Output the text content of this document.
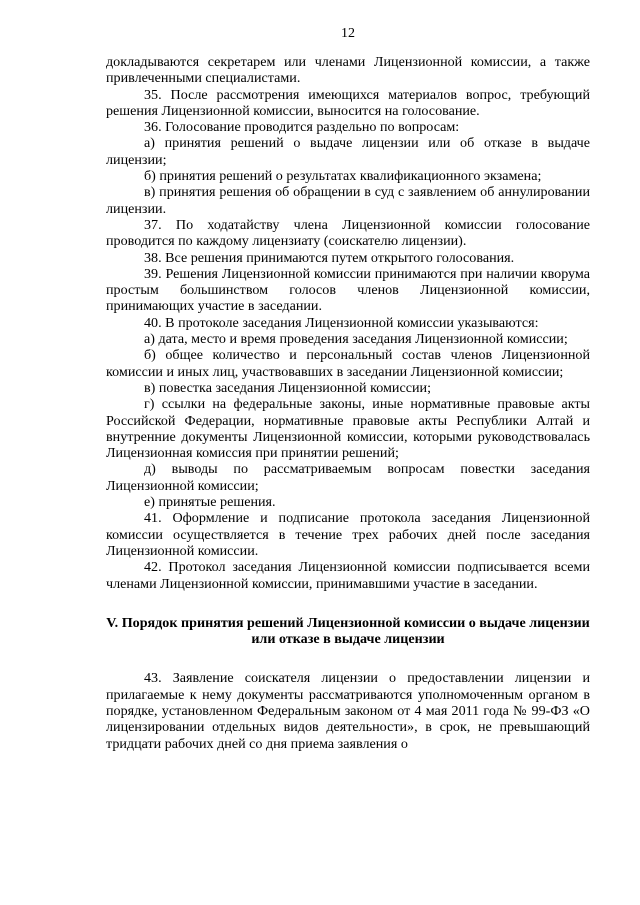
12

докладываются секретарем или членами Лицензионной комиссии, а также привлеченными специалистами.

35. После рассмотрения имеющихся материалов вопрос, требующий решения Лицензионной комиссии, выносится на голосование.

36. Голосование проводится раздельно по вопросам:

а) принятия решений о выдаче лицензии или об отказе в выдаче лицензии;

б) принятия решений о результатах квалификационного экзамена;

в) принятия решения об обращении в суд с заявлением об аннулировании лицензии.

37. По ходатайству члена Лицензионной комиссии голосование проводится по каждому лицензиату (соискателю лицензии).

38. Все решения принимаются путем открытого голосования.

39. Решения Лицензионной комиссии принимаются при наличии кворума простым большинством голосов членов Лицензионной комиссии, принимающих участие в заседании.

40. В протоколе заседания Лицензионной комиссии указываются:

а) дата, место и время проведения заседания Лицензионной комиссии;

б) общее количество и персональный состав членов Лицензионной комиссии и иных лиц, участвовавших в заседании Лицензионной комиссии;

в) повестка заседания Лицензионной комиссии;

г) ссылки на федеральные законы, иные нормативные правовые акты Российской Федерации, нормативные правовые акты Республики Алтай и внутренние документы Лицензионной комиссии, которыми руководствовалась Лицензионная комиссия при принятии решений;

д) выводы по рассматриваемым вопросам повестки заседания Лицензионной комиссии;

е) принятые решения.

41. Оформление и подписание протокола заседания Лицензионной комиссии осуществляется в течение трех рабочих дней после заседания Лицензионной комиссии.

42. Протокол заседания Лицензионной комиссии подписывается всеми членами Лицензионной комиссии, принимавшими участие в заседании.

V. Порядок принятия решений Лицензионной комиссии о выдаче лицензии или отказе в выдаче лицензии

43. Заявление соискателя лицензии о предоставлении лицензии и прилагаемые к нему документы рассматриваются уполномоченным органом в порядке, установленном Федеральным законом от 4 мая 2011 года № 99-ФЗ «О лицензировании отдельных видов деятельности», в срок, не превышающий тридцати рабочих дней со дня приема заявления о
